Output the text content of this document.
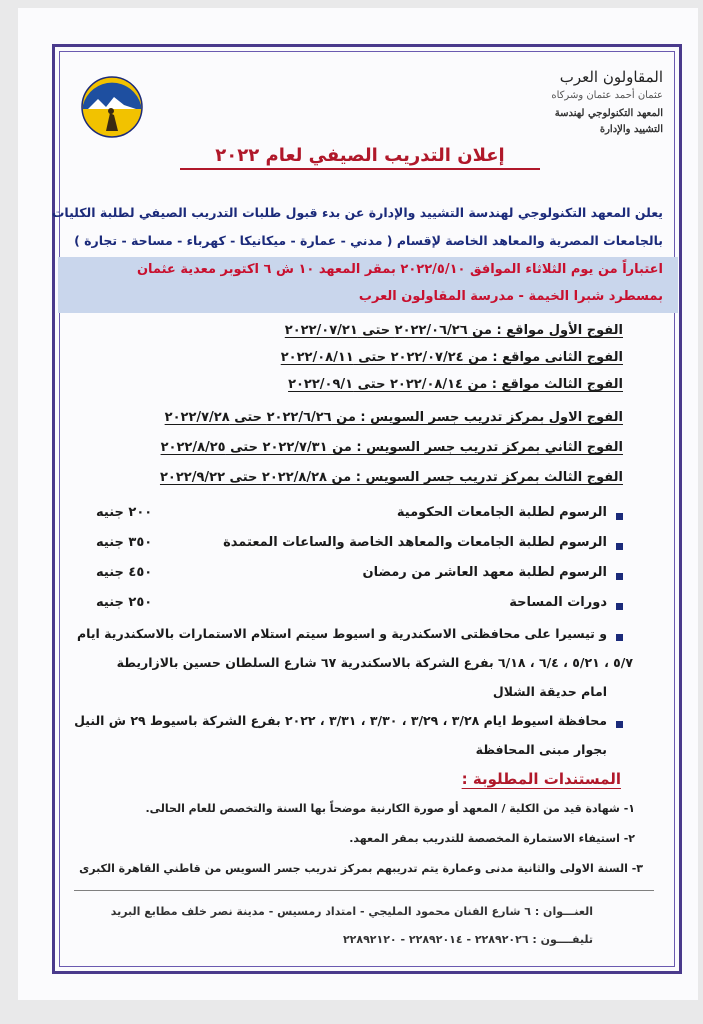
المقاولون العرب
عثمان أحمد عثمان وشركاه
المعهد التكنولوجي لهندسة
التشييد والإدارة
إعلان التدريب الصيفي لعام ٢٠٢٢
يعلن المعهد التكنولوجي لهندسة التشييد والإدارة عن بدء قبول طلبات التدريب الصيفي لطلبة الكليات
بالجامعات المصرية والمعاهد الخاصة لإقسام ( مدني - عمارة - ميكانيكا - كهرباء - مساحة - تجارة )
اعتباراً من يوم الثلاثاء الموافق ٢٠٢٢/٥/١٠ بمقر المعهد ١٠ ش ٦ اكتوبر معدية عثمان
بمسطرد شبرا الخيمة - مدرسة المقاولون العرب
الفوج الأول مواقع : من ٢٠٢٢/٠٦/٢٦ حتى ٢٠٢٢/٠٧/٢١
الفوج الثانى مواقع : من ٢٠٢٢/٠٧/٢٤ حتى ٢٠٢٢/٠٨/١١
الفوج الثالث مواقع : من ٢٠٢٢/٠٨/١٤ حتى ٢٠٢٢/٠٩/١
الفوج الاول بمركز تدريب جسر السويس : من ٢٠٢٢/٦/٢٦ حتى ٢٠٢٢/٧/٢٨
الفوج الثاني بمركز تدريب جسر السويس : من ٢٠٢٢/٧/٣١ حتى ٢٠٢٢/٨/٢٥
الفوج الثالث بمركز تدريب جسر السويس : من ٢٠٢٢/٨/٢٨ حتى ٢٠٢٢/٩/٢٢
الرسوم لطلبة الجامعات الحكومية
٢٠٠ جنيه
الرسوم لطلبة الجامعات والمعاهد الخاصة والساعات المعتمدة
٣٥٠ جنيه
الرسوم لطلبة معهد العاشر من رمضان
٤٥٠ جنيه
دورات المساحة
٢٥٠ جنيه
و تيسيرا على محافظتى الاسكندرية و اسيوط سيتم استلام الاستمارات بالاسكندرية ايام
٥/٧ ، ٥/٢١ ، ٦/٤ ، ٦/١٨ بفرع الشركة بالاسكندرية ٦٧ شارع السلطان حسين بالازاريطة
امام حديقة الشلال
محافظة اسيوط ايام ٣/٢٨ ، ٣/٢٩ ، ٣/٣٠ ، ٣/٣١ ، ٢٠٢٢ بفرع الشركة باسيوط ٢٩ ش النيل
بجوار مبنى المحافظة
المستندات المطلوبة :
١- شهادة قيد من الكلية / المعهد أو صورة الكارنية موضحاً بها السنة والتخصص للعام الحالى.
٢- استيفاء الاستمارة المخصصة للتدريب بمقر المعهد.
٣- السنة الاولى والثانية مدنى وعمارة يتم تدريبهم بمركز تدريب جسر السويس من قاطني القاهرة الكبرى
العنـــوان : ٦ شارع الفنان محمود المليجي - امتداد رمسيس - مدينة نصر خلف مطابع البريد
تليفــــون : ٢٢٨٩٢٠٢٦ - ٢٢٨٩٢٠١٤ - ٢٢٨٩٢١٢٠
